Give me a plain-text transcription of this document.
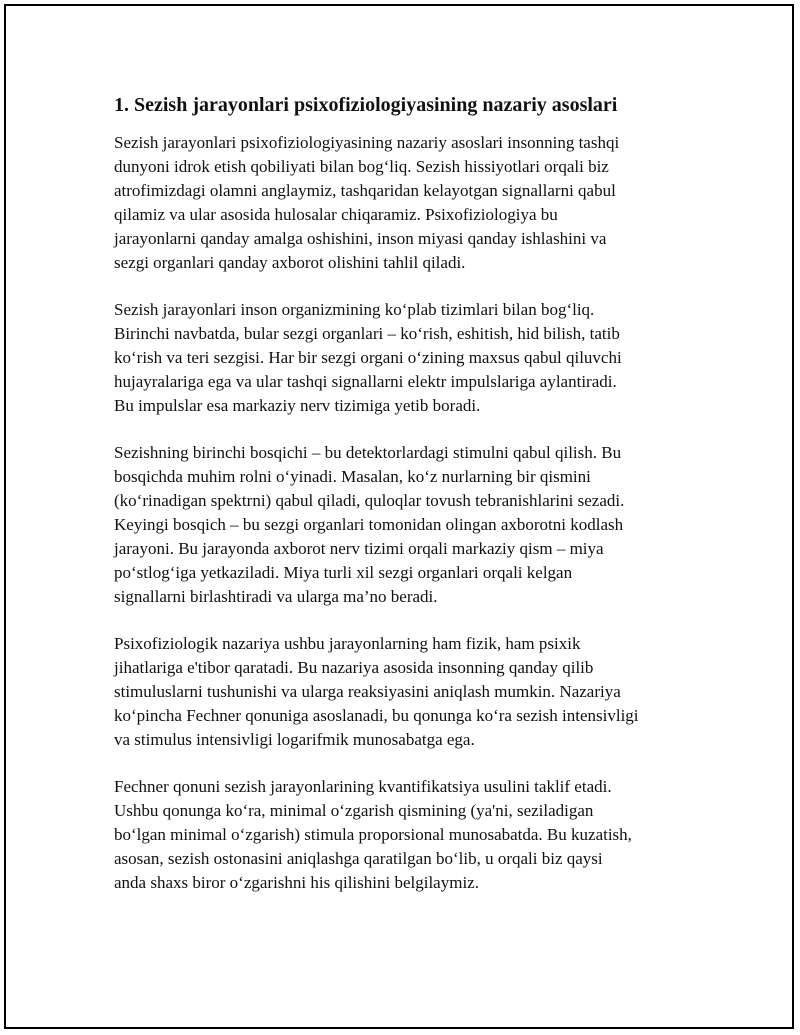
1. Sezish jarayonlari psixofiziologiyasining nazariy asoslari

Sezish jarayonlari psixofiziologiyasining nazariy asoslari insonning tashqi
dunyoni idrok etish qobiliyati bilan bog‘liq. Sezish hissiyotlari orqali biz
atrofimizdagi olamni anglaymiz, tashqaridan kelayotgan signallarni qabul
qilamiz va ular asosida hulosalar chiqaramiz. Psixofiziologiya bu
jarayonlarni qanday amalga oshishini, inson miyasi qanday ishlashini va
sezgi organlari qanday axborot olishini tahlil qiladi.

Sezish jarayonlari inson organizmining ko‘plab tizimlari bilan bog‘liq.
Birinchi navbatda, bular sezgi organlari – ko‘rish, eshitish, hid bilish, tatib
ko‘rish va teri sezgisi. Har bir sezgi organi o‘zining maxsus qabul qiluvchi
hujayralariga ega va ular tashqi signallarni elektr impulslariga aylantiradi.
Bu impulslar esa markaziy nerv tizimiga yetib boradi.

Sezishning birinchi bosqichi – bu detektorlardagi stimulni qabul qilish. Bu
bosqichda muhim rolni o‘yinadi. Masalan, ko‘z nurlarning bir qismini
(ko‘rinadigan spektrni) qabul qiladi, quloqlar tovush tebranishlarini sezadi.
Keyingi bosqich – bu sezgi organlari tomonidan olingan axborotni kodlash
jarayoni. Bu jarayonda axborot nerv tizimi orqali markaziy qism – miya
po‘stlog‘iga yetkaziladi. Miya turli xil sezgi organlari orqali kelgan
signallarni birlashtiradi va ularga ma’no beradi.

Psixofiziologik nazariya ushbu jarayonlarning ham fizik, ham psixik
jihatlariga e'tibor qaratadi. Bu nazariya asosida insonning qanday qilib
stimuluslarni tushunishi va ularga reaksiyasini aniqlash mumkin. Nazariya
ko‘pincha Fechner qonuniga asoslanadi, bu qonunga ko‘ra sezish intensivligi
va stimulus intensivligi logarifmik munosabatga ega.

Fechner qonuni sezish jarayonlarining kvantifikatsiya usulini taklif etadi.
Ushbu qonunga ko‘ra, minimal o‘zgarish qismining (ya'ni, seziladigan
bo‘lgan minimal o‘zgarish) stimula proporsional munosabatda. Bu kuzatish,
asosan, sezish ostonasini aniqlashga qaratilgan bo‘lib, u orqali biz qaysi
anda shaxs biror o‘zgarishni his qilishini belgilaymiz.
